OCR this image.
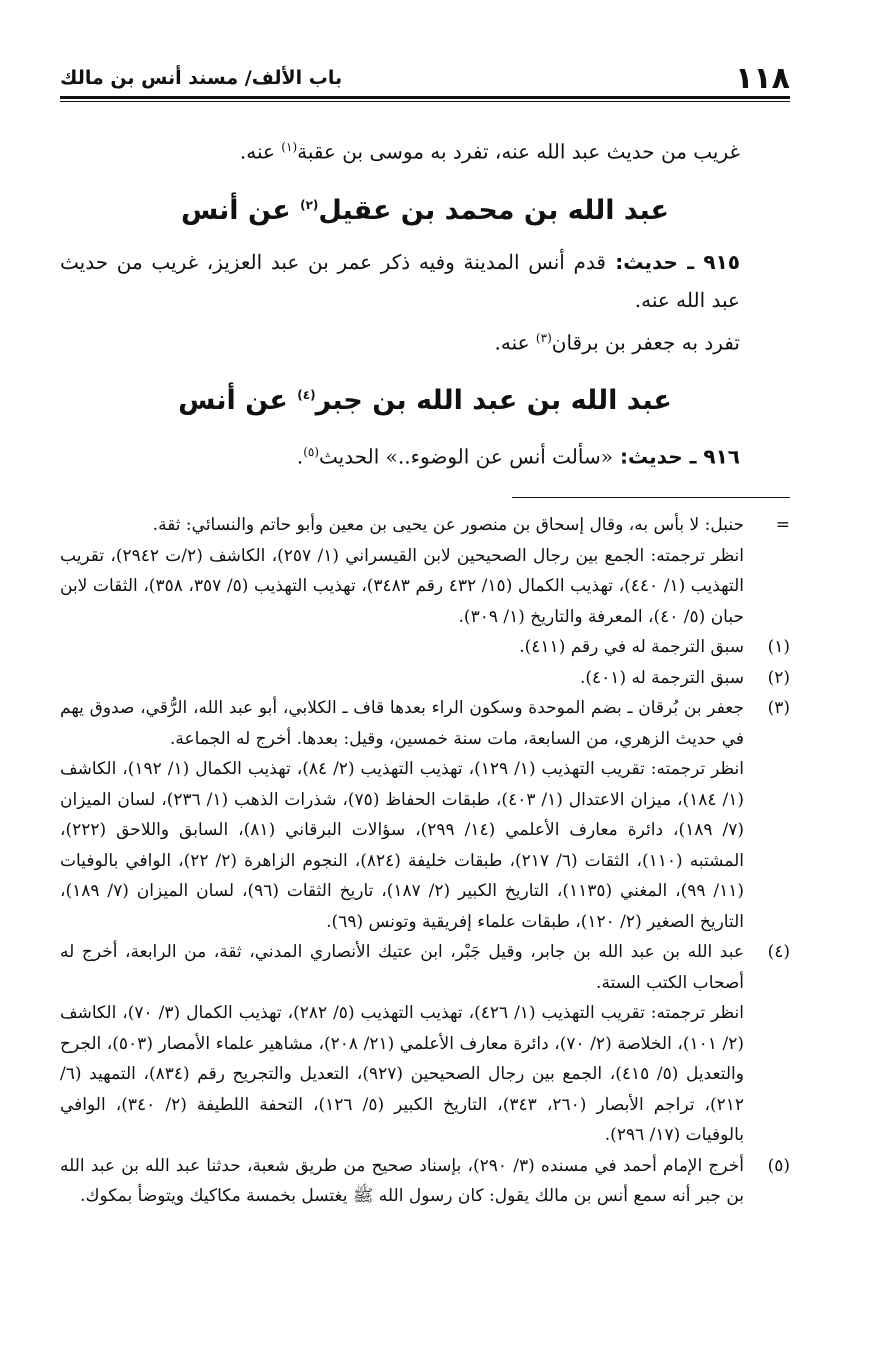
١١٨
باب الألف/ مسند أنس بن مالك

غريب من حديث عبد الله عنه، تفرد به موسى بن عقبة$^{(١)}$ عنه.

عبد الله بن محمد بن عقيل$^{(٢)}$ عن أنس

٩١٥ ـ حديث: قدم أنس المدينة وفيه ذكر عمر بن عبد العزيز، غريب من حديث عبد الله عنه.

تفرد به جعفر بن برقان$^{(٣)}$ عنه.

عبد الله بن عبد الله بن جبر$^{(٤)}$ عن أنس

٩١٦ ـ حديث: «سألت أنس عن الوضوء..» الحديث$^{(٥)}$.

=
حنبل: لا بأس به، وقال إسحاق بن منصور عن يحيى بن معين وأبو حاتم والنسائي: ثقة.

انظر ترجمته: الجمع بين رجال الصحيحين لابن القيسراني (١/ ٢٥٧)، الكاشف (٢/ت ٢٩٤٢)، تقريب التهذيب (١/ ٤٤٠)، تهذيب الكمال (١٥/ ٤٣٢ رقم ٣٤٨٣)، تهذيب التهذيب (٥/ ٣٥٧، ٣٥٨)، الثقات لابن حبان (٥/ ٤٠)، المعرفة والتاريخ (١/ ٣٠٩).

(١)
سبق الترجمة له في رقم (٤١١).
(٢)
سبق الترجمة له (٤٠١).
(٣)
جعفر بن بُرقان ـ بضم الموحدة وسكون الراء بعدها قاف ـ الكلابي، أبو عبد الله، الرُّقي، صدوق يهم في حديث الزهري، من السابعة، مات سنة خمسين، وقيل: بعدها. أخرج له الجماعة.

انظر ترجمته: تقريب التهذيب (١/ ١٢٩)، تهذيب التهذيب (٢/ ٨٤)، تهذيب الكمال (١/ ١٩٢)، الكاشف (١/ ١٨٤)، ميزان الاعتدال (١/ ٤٠٣)، طبقات الحفاظ (٧٥)، شذرات الذهب (١/ ٢٣٦)، لسان الميزان (٧/ ١٨٩)، دائرة معارف الأعلمي (١٤/ ٢٩٩)، سؤالات البرقاني (٨١)، السابق واللاحق (٢٢٢)، المشتبه (١١٠)، الثقات (٦/ ٢١٧)، طبقات خليفة (٨٢٤)، النجوم الزاهرة (٢/ ٢٢)، الوافي بالوفيات (١١/ ٩٩)، المغني (١١٣٥)، التاريخ الكبير (٢/ ١٨٧)، تاريخ الثقات (٩٦)، لسان الميزان (٧/ ١٨٩)، التاريخ الصغير (٢/ ١٢٠)، طبقات علماء إفريقية وتونس (٦٩).

(٤)
عبد الله بن عبد الله بن جابر، وقيل جَبْر، ابن عتيك الأنصاري المدني، ثقة، من الرابعة، أخرج له أصحاب الكتب الستة.

انظر ترجمته: تقريب التهذيب (١/ ٤٢٦)، تهذيب التهذيب (٥/ ٢٨٢)، تهذيب الكمال (٣/ ٧٠)، الكاشف (٢/ ١٠١)، الخلاصة (٢/ ٧٠)، دائرة معارف الأعلمي (٢١/ ٢٠٨)، مشاهير علماء الأمصار (٥٠٣)، الجرح والتعديل (٥/ ٤١٥)، الجمع بين رجال الصحيحين (٩٢٧)، التعديل والتجريح رقم (٨٣٤)، التمهيد (٦/ ٢١٢)، تراجم الأبصار (٢٦٠، ٣٤٣)، التاريخ الكبير (٥/ ١٢٦)، التحفة اللطيفة (٢/ ٣٤٠)، الوافي بالوفيات (١٧/ ٢٩٦).

(٥)
أخرج الإمام أحمد في مسنده (٣/ ٢٩٠)، بإسناد صحيح من طريق شعبة، حدثنا عبد الله بن عبد الله بن جبر أنه سمع أنس بن مالك يقول: كان رسول الله ﷺ يغتسل بخمسة مكاكيك ويتوضأ بمكوك.
